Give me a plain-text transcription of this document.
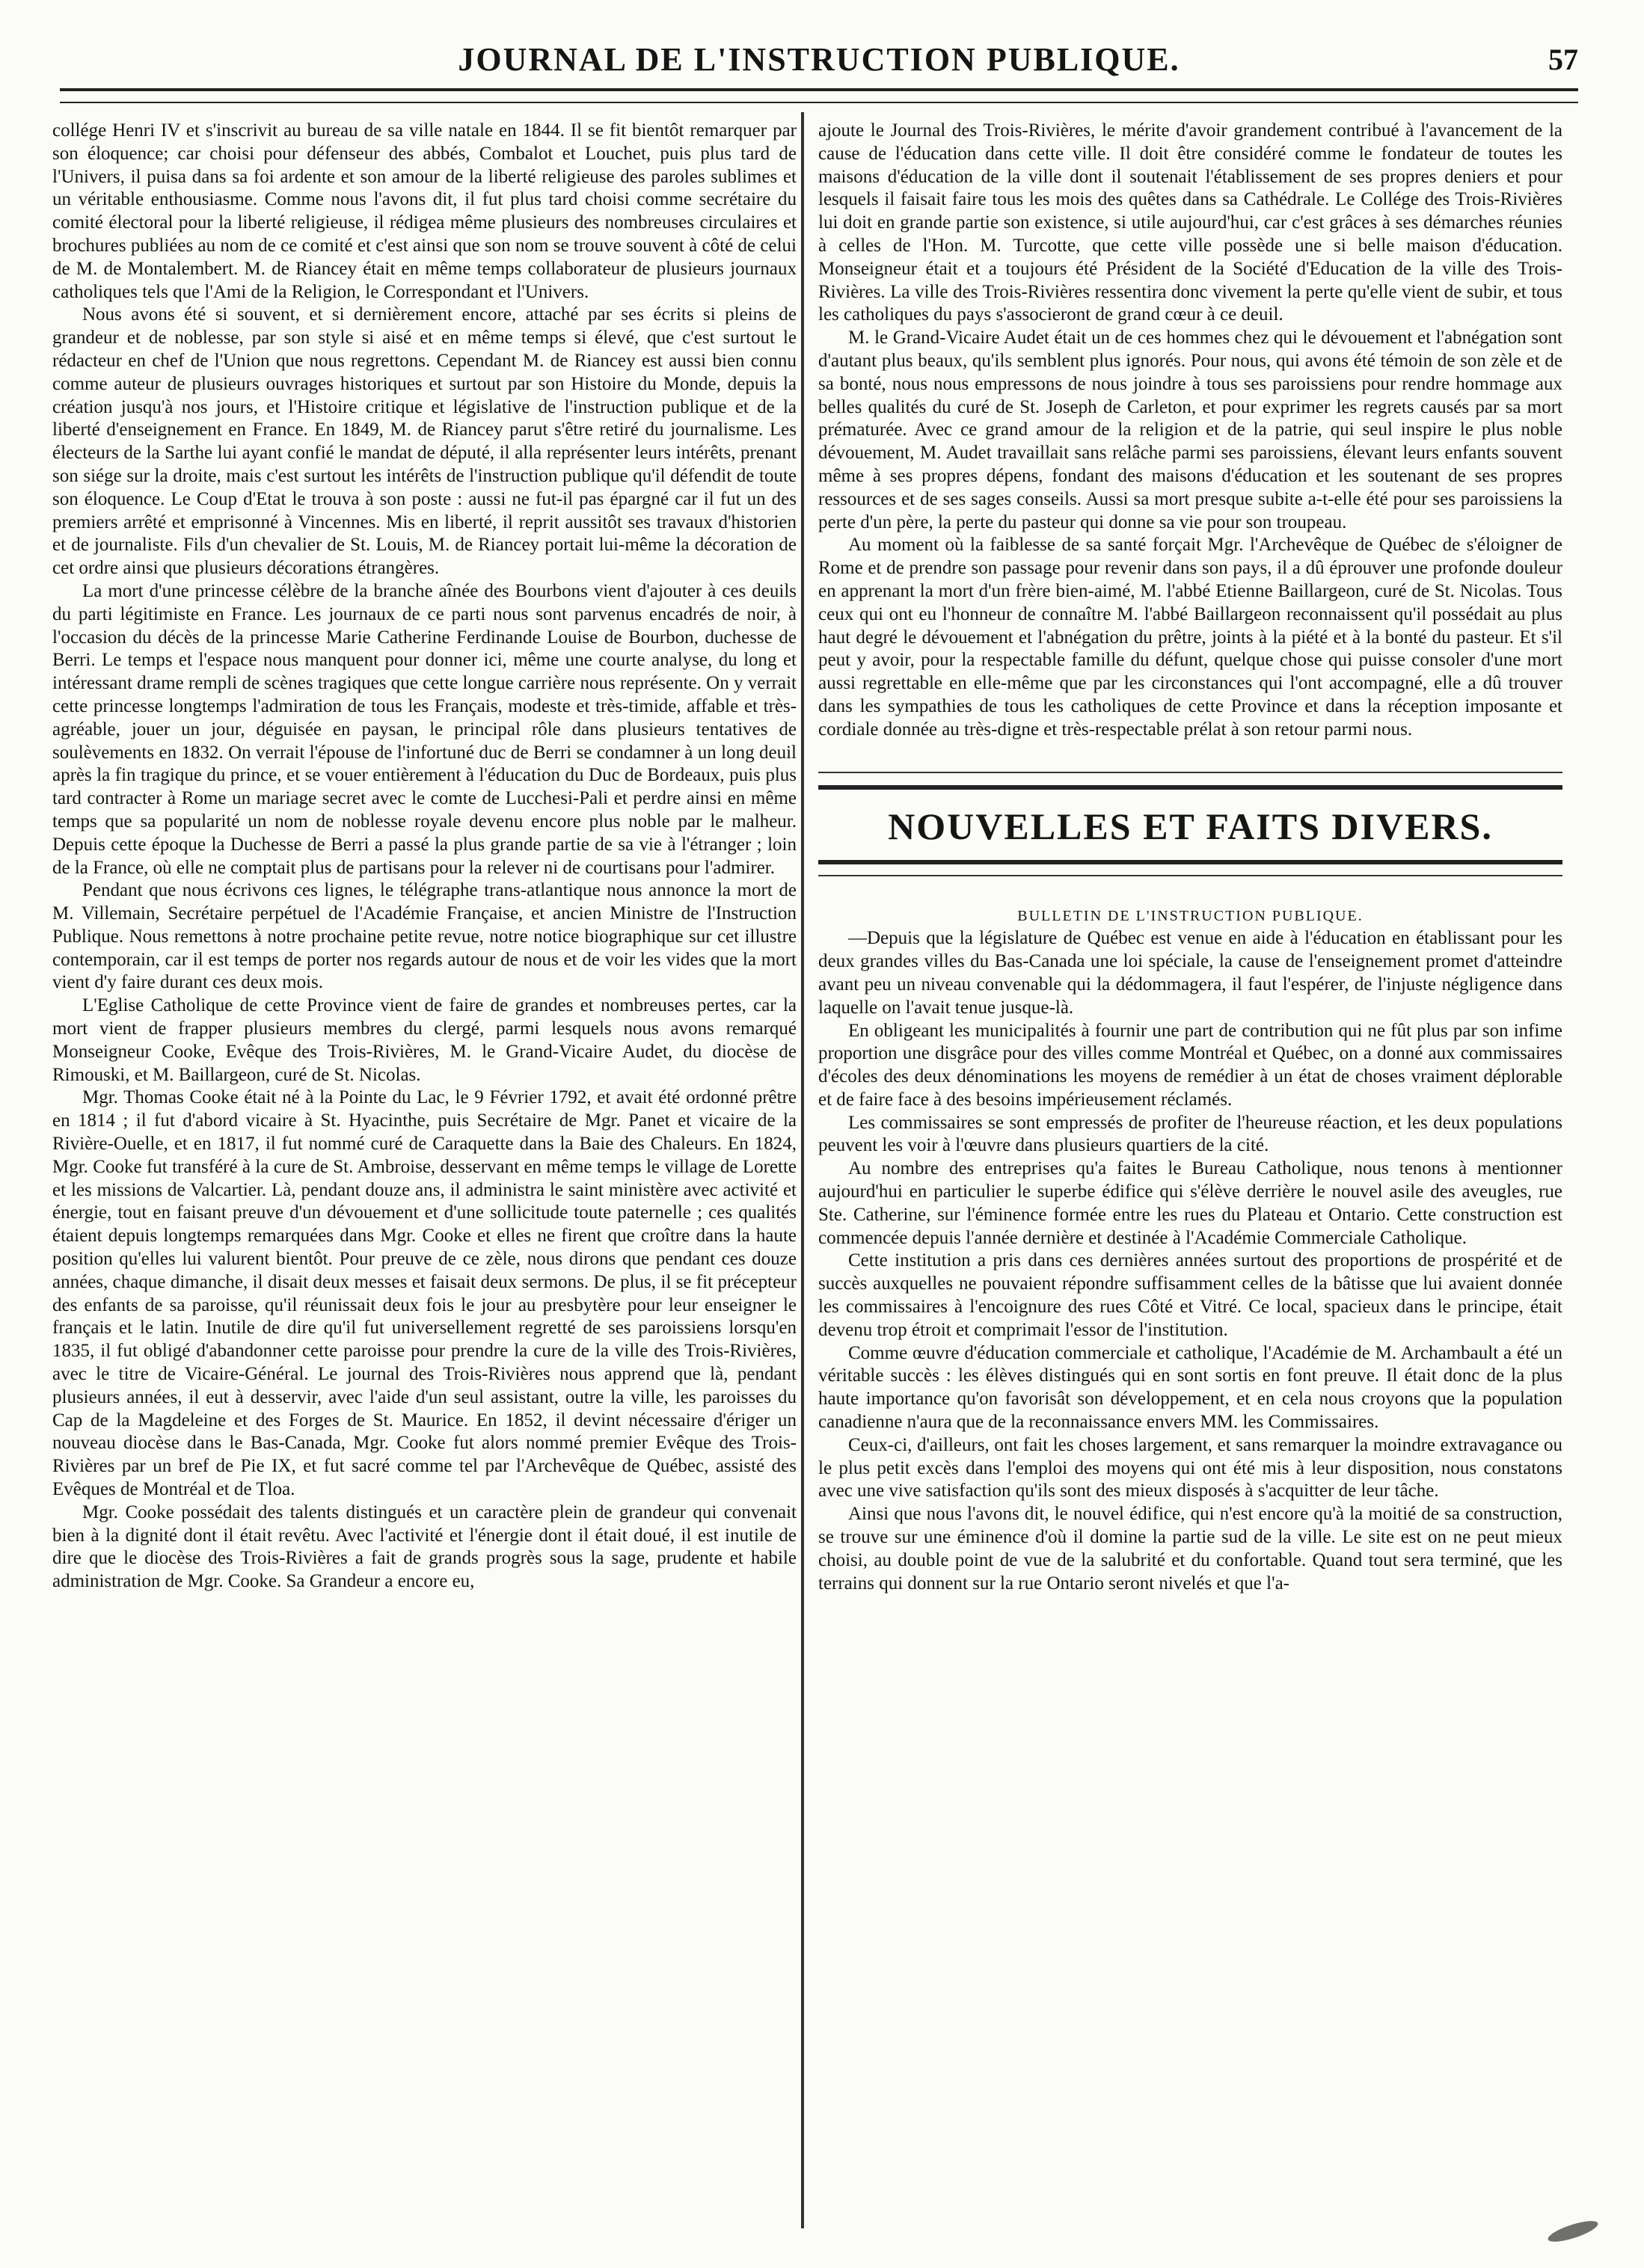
JOURNAL DE L'INSTRUCTION PUBLIQUE.	57

collége Henri IV et s'inscrivit au bureau de sa ville natale en 1844. Il se fit bientôt remarquer par son éloquence; car choisi pour défenseur des abbés, Combalot et Louchet, puis plus tard de l'Univers, il puisa dans sa foi ardente et son amour de la liberté religieuse des paroles sublimes et un véritable enthousiasme. Comme nous l'avons dit, il fut plus tard choisi comme secrétaire du comité électoral pour la liberté religieuse, il rédigea même plusieurs des nombreuses circulaires et brochures publiées au nom de ce comité et c'est ainsi que son nom se trouve souvent à côté de celui de M. de Montalembert. M. de Riancey était en même temps collaborateur de plusieurs journaux catholiques tels que l'Ami de la Religion, le Correspondant et l'Univers.

Nous avons été si souvent, et si dernièrement encore, attaché par ses écrits si pleins de grandeur et de noblesse, par son style si aisé et en même temps si élevé, que c'est surtout le rédacteur en chef de l'Union que nous regrettons. Cependant M. de Riancey est aussi bien connu comme auteur de plusieurs ouvrages historiques et surtout par son Histoire du Monde, depuis la création jusqu'à nos jours, et l'Histoire critique et législative de l'instruction publique et de la liberté d'enseignement en France. En 1849, M. de Riancey parut s'être retiré du journalisme. Les électeurs de la Sarthe lui ayant confié le mandat de député, il alla représenter leurs intérêts, prenant son siége sur la droite, mais c'est surtout les intérêts de l'instruction publique qu'il défendit de toute son éloquence. Le Coup d'Etat le trouva à son poste : aussi ne fut-il pas épargné car il fut un des premiers arrêté et emprisonné à Vincennes. Mis en liberté, il reprit aussitôt ses travaux d'historien et de journaliste. Fils d'un chevalier de St. Louis, M. de Riancey portait lui-même la décoration de cet ordre ainsi que plusieurs décorations étrangères.

La mort d'une princesse célèbre de la branche aînée des Bourbons vient d'ajouter à ces deuils du parti légitimiste en France. Les journaux de ce parti nous sont parvenus encadrés de noir, à l'occasion du décès de la princesse Marie Catherine Ferdinande Louise de Bourbon, duchesse de Berri. Le temps et l'espace nous manquent pour donner ici, même une courte analyse, du long et intéressant drame rempli de scènes tragiques que cette longue carrière nous représente. On y verrait cette princesse longtemps l'admiration de tous les Français, modeste et très-timide, affable et très-agréable, jouer un jour, déguisée en paysan, le principal rôle dans plusieurs tentatives de soulèvements en 1832. On verrait l'épouse de l'infortuné duc de Berri se condamner à un long deuil après la fin tragique du prince, et se vouer entièrement à l'éducation du Duc de Bordeaux, puis plus tard contracter à Rome un mariage secret avec le comte de Lucchesi-Pali et perdre ainsi en même temps que sa popularité un nom de noblesse royale devenu encore plus noble par le malheur. Depuis cette époque la Duchesse de Berri a passé la plus grande partie de sa vie à l'étranger ; loin de la France, où elle ne comptait plus de partisans pour la relever ni de courtisans pour l'admirer.

Pendant que nous écrivons ces lignes, le télégraphe trans-atlantique nous annonce la mort de M. Villemain, Secrétaire perpétuel de l'Académie Française, et ancien Ministre de l'Instruction Publique. Nous remettons à notre prochaine petite revue, notre notice biographique sur cet illustre contemporain, car il est temps de porter nos regards autour de nous et de voir les vides que la mort vient d'y faire durant ces deux mois.

L'Eglise Catholique de cette Province vient de faire de grandes et nombreuses pertes, car la mort vient de frapper plusieurs membres du clergé, parmi lesquels nous avons remarqué Monseigneur Cooke, Evêque des Trois-Rivières, M. le Grand-Vicaire Audet, du diocèse de Rimouski, et M. Baillargeon, curé de St. Nicolas.

Mgr. Thomas Cooke était né à la Pointe du Lac, le 9 Février 1792, et avait été ordonné prêtre en 1814 ; il fut d'abord vicaire à St. Hyacinthe, puis Secrétaire de Mgr. Panet et vicaire de la Rivière-Ouelle, et en 1817, il fut nommé curé de Caraquette dans la Baie des Chaleurs. En 1824, Mgr. Cooke fut transféré à la cure de St. Ambroise, desservant en même temps le village de Lorette et les missions de Valcartier. Là, pendant douze ans, il administra le saint ministère avec activité et énergie, tout en faisant preuve d'un dévouement et d'une sollicitude toute paternelle ; ces qualités étaient depuis longtemps remarquées dans Mgr. Cooke et elles ne firent que croître dans la haute position qu'elles lui valurent bientôt. Pour preuve de ce zèle, nous dirons que pendant ces douze années, chaque dimanche, il disait deux messes et faisait deux sermons. De plus, il se fit précepteur des enfants de sa paroisse, qu'il réunissait deux fois le jour au presbytère pour leur enseigner le français et le latin. Inutile de dire qu'il fut universellement regretté de ses paroissiens lorsqu'en 1835, il fut obligé d'abandonner cette paroisse pour prendre la cure de la ville des Trois-Rivières, avec le titre de Vicaire-Général. Le journal des Trois-Rivières nous apprend que là, pendant plusieurs années, il eut à desservir, avec l'aide d'un seul assistant, outre la ville, les paroisses du Cap de la Magdeleine et des Forges de St. Maurice. En 1852, il devint nécessaire d'ériger un nouveau diocèse dans le Bas-Canada, Mgr. Cooke fut alors nommé premier Evêque des Trois-Rivières par un bref de Pie IX, et fut sacré comme tel par l'Archevêque de Québec, assisté des Evêques de Montréal et de Tloa.

Mgr. Cooke possédait des talents distingués et un caractère plein de grandeur qui convenait bien à la dignité dont il était revêtu. Avec l'activité et l'énergie dont il était doué, il est inutile de dire que le diocèse des Trois-Rivières a fait de grands progrès sous la sage, prudente et habile administration de Mgr. Cooke. Sa Grandeur a encore eu,

ajoute le Journal des Trois-Rivières, le mérite d'avoir grandement contribué à l'avancement de la cause de l'éducation dans cette ville. Il doit être considéré comme le fondateur de toutes les maisons d'éducation de la ville dont il soutenait l'établissement de ses propres deniers et pour lesquels il faisait faire tous les mois des quêtes dans sa Cathédrale. Le Collége des Trois-Rivières lui doit en grande partie son existence, si utile aujourd'hui, car c'est grâces à ses démarches réunies à celles de l'Hon. M. Turcotte, que cette ville possède une si belle maison d'éducation. Monseigneur était et a toujours été Président de la Société d'Education de la ville des Trois-Rivières. La ville des Trois-Rivières ressentira donc vivement la perte qu'elle vient de subir, et tous les catholiques du pays s'associeront de grand cœur à ce deuil.

M. le Grand-Vicaire Audet était un de ces hommes chez qui le dévouement et l'abnégation sont d'autant plus beaux, qu'ils semblent plus ignorés. Pour nous, qui avons été témoin de son zèle et de sa bonté, nous nous empressons de nous joindre à tous ses paroissiens pour rendre hommage aux belles qualités du curé de St. Joseph de Carleton, et pour exprimer les regrets causés par sa mort prématurée. Avec ce grand amour de la religion et de la patrie, qui seul inspire le plus noble dévouement, M. Audet travaillait sans relâche parmi ses paroissiens, élevant leurs enfants souvent même à ses propres dépens, fondant des maisons d'éducation et les soutenant de ses propres ressources et de ses sages conseils. Aussi sa mort presque subite a-t-elle été pour ses paroissiens la perte d'un père, la perte du pasteur qui donne sa vie pour son troupeau.

Au moment où la faiblesse de sa santé forçait Mgr. l'Archevêque de Québec de s'éloigner de Rome et de prendre son passage pour revenir dans son pays, il a dû éprouver une profonde douleur en apprenant la mort d'un frère bien-aimé, M. l'abbé Etienne Baillargeon, curé de St. Nicolas. Tous ceux qui ont eu l'honneur de connaître M. l'abbé Baillargeon reconnaissent qu'il possédait au plus haut degré le dévouement et l'abnégation du prêtre, joints à la piété et à la bonté du pasteur. Et s'il peut y avoir, pour la respectable famille du défunt, quelque chose qui puisse consoler d'une mort aussi regrettable en elle-même que par les circonstances qui l'ont accompagné, elle a dû trouver dans les sympathies de tous les catholiques de cette Province et dans la réception imposante et cordiale donnée au très-digne et très-respectable prélat à son retour parmi nous.

NOUVELLES ET FAITS DIVERS.

BULLETIN DE L'INSTRUCTION PUBLIQUE.

—Depuis que la législature de Québec est venue en aide à l'éducation en établissant pour les deux grandes villes du Bas-Canada une loi spéciale, la cause de l'enseignement promet d'atteindre avant peu un niveau convenable qui la dédommagera, il faut l'espérer, de l'injuste négligence dans laquelle on l'avait tenue jusque-là.

En obligeant les municipalités à fournir une part de contribution qui ne fût plus par son infime proportion une disgrâce pour des villes comme Montréal et Québec, on a donné aux commissaires d'écoles des deux dénominations les moyens de remédier à un état de choses vraiment déplorable et de faire face à des besoins impérieusement réclamés.

Les commissaires se sont empressés de profiter de l'heureuse réaction, et les deux populations peuvent les voir à l'œuvre dans plusieurs quartiers de la cité.

Au nombre des entreprises qu'a faites le Bureau Catholique, nous tenons à mentionner aujourd'hui en particulier le superbe édifice qui s'élève derrière le nouvel asile des aveugles, rue Ste. Catherine, sur l'éminence formée entre les rues du Plateau et Ontario. Cette construction est commencée depuis l'année dernière et destinée à l'Académie Commerciale Catholique.

Cette institution a pris dans ces dernières années surtout des proportions de prospérité et de succès auxquelles ne pouvaient répondre suffisamment celles de la bâtisse que lui avaient donnée les commissaires à l'encoignure des rues Côté et Vitré. Ce local, spacieux dans le principe, était devenu trop étroit et comprimait l'essor de l'institution.

Comme œuvre d'éducation commerciale et catholique, l'Académie de M. Archambault a été un véritable succès : les élèves distingués qui en sont sortis en font preuve. Il était donc de la plus haute importance qu'on favorisât son développement, et en cela nous croyons que la population canadienne n'aura que de la reconnaissance envers MM. les Commissaires.

Ceux-ci, d'ailleurs, ont fait les choses largement, et sans remarquer la moindre extravagance ou le plus petit excès dans l'emploi des moyens qui ont été mis à leur disposition, nous constatons avec une vive satisfaction qu'ils sont des mieux disposés à s'acquitter de leur tâche.

Ainsi que nous l'avons dit, le nouvel édifice, qui n'est encore qu'à la moitié de sa construction, se trouve sur une éminence d'où il domine la partie sud de la ville. Le site est on ne peut mieux choisi, au double point de vue de la salubrité et du confortable. Quand tout sera terminé, que les terrains qui donnent sur la rue Ontario seront nivelés et que l'a-
